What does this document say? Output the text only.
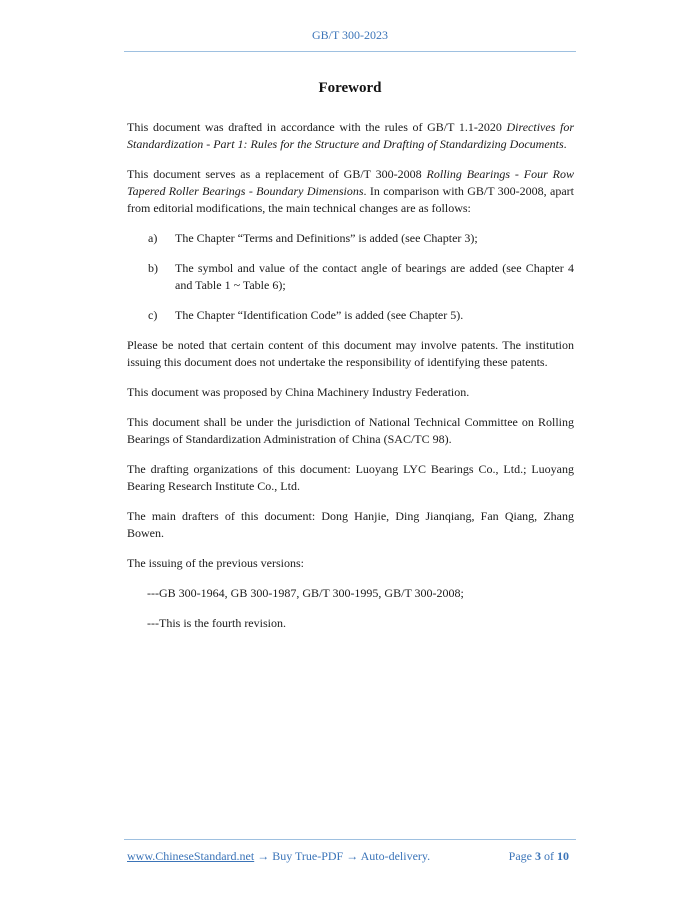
GB/T 300-2023
Foreword

This document was drafted in accordance with the rules of GB/T 1.1-2020 Directives for Standardization - Part 1: Rules for the Structure and Drafting of Standardizing Documents.

This document serves as a replacement of GB/T 300-2008 Rolling Bearings - Four Row Tapered Roller Bearings - Boundary Dimensions. In comparison with GB/T 300-2008, apart from editorial modifications, the main technical changes are as follows:

a)	The Chapter “Terms and Definitions” is added (see Chapter 3);
b)	The symbol and value of the contact angle of bearings are added (see Chapter 4 and Table 1 ~ Table 6);
c)	The Chapter “Identification Code” is added (see Chapter 5).

Please be noted that certain content of this document may involve patents. The institution issuing this document does not undertake the responsibility of identifying these patents.

This document was proposed by China Machinery Industry Federation.

This document shall be under the jurisdiction of National Technical Committee on Rolling Bearings of Standardization Administration of China (SAC/TC 98).

The drafting organizations of this document: Luoyang LYC Bearings Co., Ltd.; Luoyang Bearing Research Institute Co., Ltd.

The main drafters of this document: Dong Hanjie, Ding Jianqiang, Fan Qiang, Zhang Bowen.

The issuing of the previous versions:

---GB 300-1964, GB 300-1987, GB/T 300-1995, GB/T 300-2008;
---This is the fourth revision.
www.ChineseStandard.net → Buy True-PDF → Auto-delivery.	Page 3 of 10
